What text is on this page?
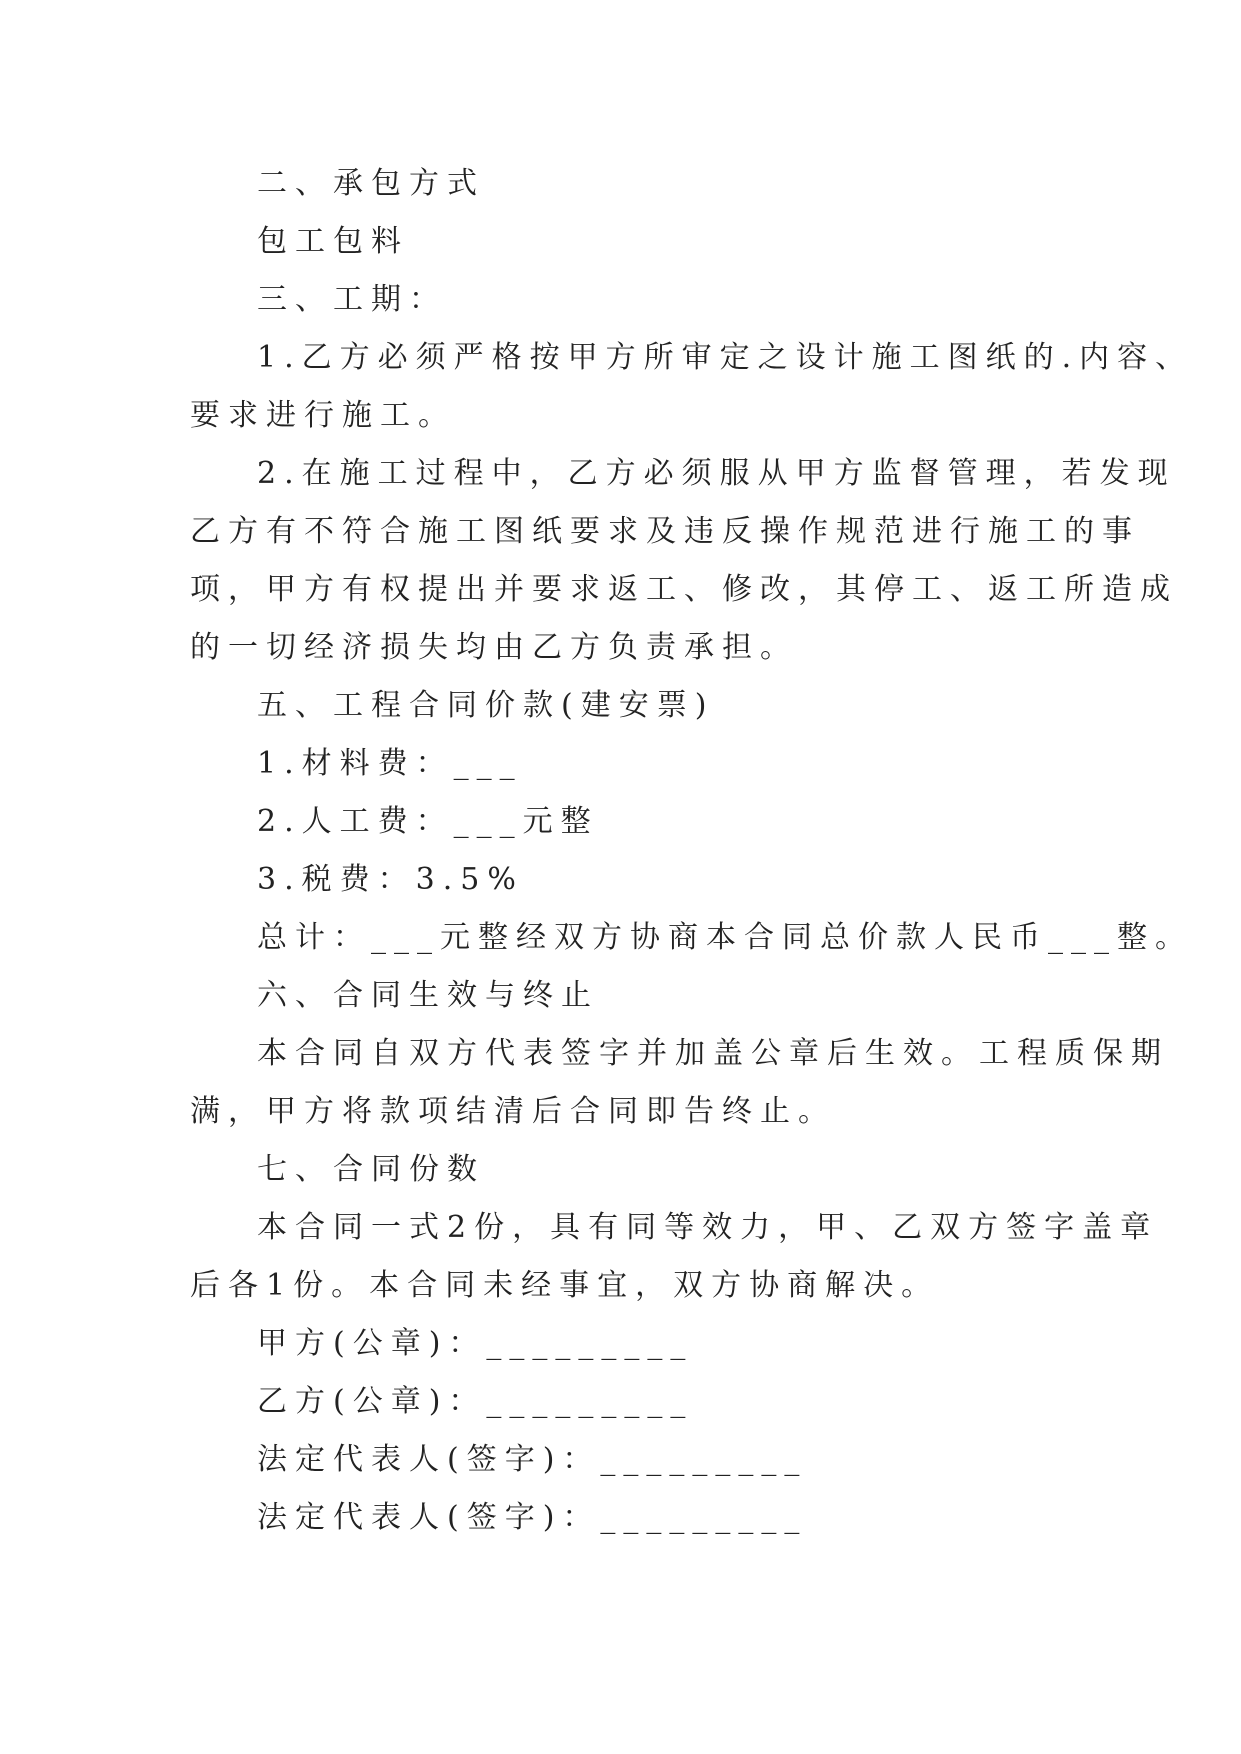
二、承包方式
包工包料
三、工期：
1.乙方必须严格按甲方所审定之设计施工图纸的.内容、
要求进行施工。
2.在施工过程中，乙方必须服从甲方监督管理，若发现
乙方有不符合施工图纸要求及违反操作规范进行施工的事
项，甲方有权提出并要求返工、修改，其停工、返工所造成
的一切经济损失均由乙方负责承担。
五、工程合同价款(建安票)
1.材料费：___
2.人工费：___元整
3.税费：3.5%
总计：___元整经双方协商本合同总价款人民币___整。
六、合同生效与终止
本合同自双方代表签字并加盖公章后生效。工程质保期
满，甲方将款项结清后合同即告终止。
七、合同份数
本合同一式2份，具有同等效力，甲、乙双方签字盖章
后各1份。本合同未经事宜，双方协商解决。
甲方(公章)：_________
乙方(公章)：_________
法定代表人(签字)：_________
法定代表人(签字)：_________
